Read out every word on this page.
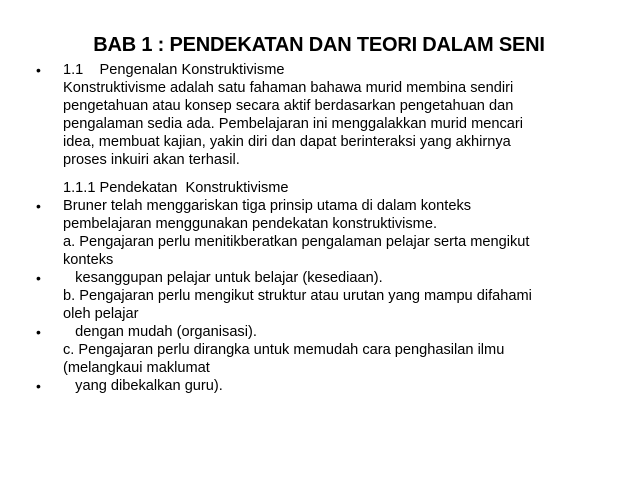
BAB 1 : PENDEKATAN DAN TEORI DALAM SENI

•

	1.1    Pengenalan Konstruktivisme

Konstruktivisme adalah satu fahaman bahawa murid membina sendiri

pengetahuan atau konsep secara aktif berdasarkan pengetahuan dan

pengalaman sedia ada. Pembelajaran ini menggalakkan murid mencari

idea, membuat kajian, yakin diri dan dapat berinteraksi yang akhirnya

proses inkuiri akan terhasil.

1.1.1 Pendekatan  Konstruktivisme

•

	Bruner telah menggariskan tiga prinsip utama di dalam konteks

pembelajaran menggunakan pendekatan konstruktivisme.

a. Pengajaran perlu menitikberatkan pengalaman pelajar serta mengikut

konteks

•

	kesanggupan pelajar untuk belajar (kesediaan).

b. Pengajaran perlu mengikut struktur atau urutan yang mampu difahami

oleh pelajar

•

	dengan mudah (organisasi).

c. Pengajaran perlu dirangka untuk memudah cara penghasilan ilmu

(melangkaui maklumat

•

	yang dibekalkan guru).
